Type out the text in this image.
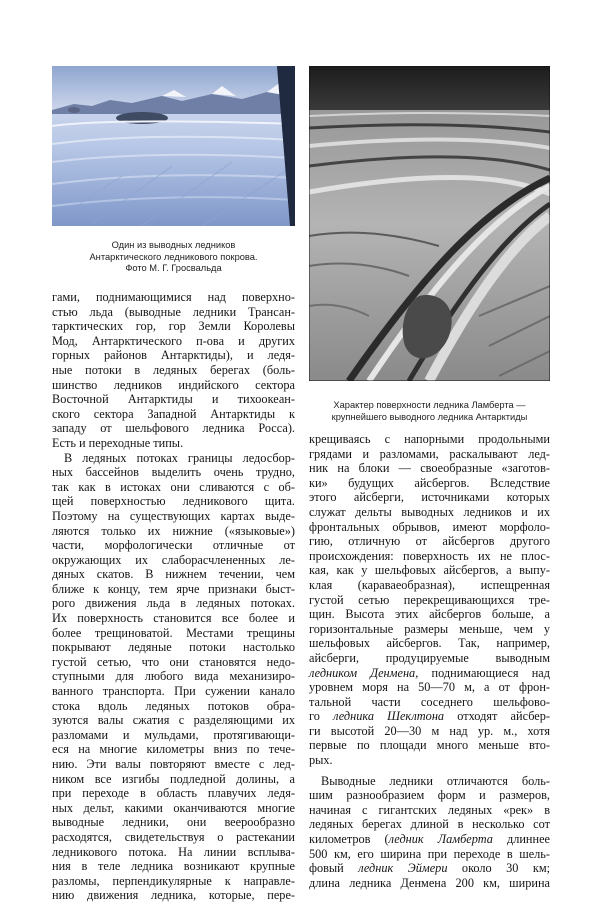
Один из выводных ледников
Антарктического ледникового покрова.
Фото М. Г. Гросвальда
Характер поверхности ледника Ламберта —
крупнейшего выводного ледника Антарктиды
гами, поднимающимися над поверхно-
стью льда (выводные ледники Трансан-
тарктических гор, гор Земли Королевы
Мод, Антарктического п-ова и других
горных районов Антарктиды), и ледя-
ные потоки в ледяных берегах (боль-
шинство ледников индийского сектора
Восточной Антарктиды и тихоокеан-
ского сектора Западной Антарктиды к
западу от шельфового ледника Росса).
Есть и переходные типы.
В ледяных потоках границы ледосбор-
ных бассейнов выделить очень трудно,
так как в истоках они сливаются с об-
щей поверхностью ледникового щита.
Поэтому на существующих картах выде-
ляются только их нижние («языковые»)
части, морфологически отличные от
окружающих их слаборасчлененных ле-
дяных скатов. В нижнем течении, чем
ближе к концу, тем ярче признаки быст-
рого движения льда в ледяных потоках.
Их поверхность становится все более и
более трещиноватой. Местами трещины
покрывают ледяные потоки настолько
густой сетью, что они становятся недо-
ступными для любого вида механизиро-
ванного транспорта. При сужении канало
стока вдоль ледяных потоков обра-
зуются валы сжатия с разделяющими их
разломами и мульдами, протягивающи-
еся на многие километры вниз по тече-
нию. Эти валы повторяют вместе с лед-
ником все изгибы подледной долины, а
при переходе в область плавучих ледя-
ных дельт, какими оканчиваются многие
выводные ледники, они веерообразно
расходятся, свидетельствуя о растекании
ледникового потока. На линии всплыва-
ния в теле ледника возникают крупные
разломы, перпендикулярные к направле-
нию движения ледника, которые, пере-
крещиваясь с напорными продольными
грядами и разломами, раскалывают лед-
ник на блоки — своеобразные «заготов-
ки» будущих айсбергов. Вследствие
этого айсберги, источниками которых
служат дельты выводных ледников и их
фронтальных обрывов, имеют морфоло-
гию, отличную от айсбергов другого
происхождения: поверхность их не плос-
кая, как у шельфовых айсбергов, а выпу-
клая (караваеобразная), испещренная
густой сетью перекрещивающихся тре-
щин. Высота этих айсбергов больше, а
горизонтальные размеры меньше, чем у
шельфовых айсбергов. Так, например,
айсберги, продуцируемые выводным
ледником Денмена, поднимающиеся над
уровнем моря на 50—70 м, а от фрон-
тальной части соседнего шельфово-
го ледника Шеклтона отходят айсбер-
ги высотой 20—30 м над ур. м., хотя
первые по площади много меньше вто-
рых.
Выводные ледники отличаются боль-
шим разнообразием форм и размеров,
начиная с гигантских ледяных «рек» в
ледяных берегах длиной в несколько сот
километров (ледник Ламберта длиннее
500 км, его ширина при переходе в шель-
фовый ледник Эймери около 30 км;
длина ледника Денмена 200 км, ширина
